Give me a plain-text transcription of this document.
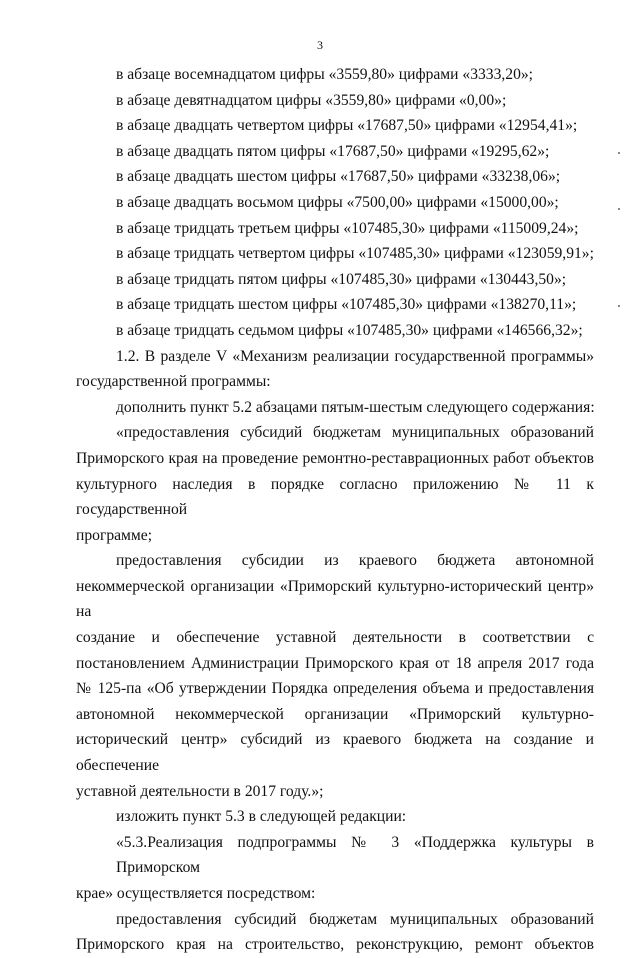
3
в абзаце восемнадцатом цифры «3559,80» цифрами «3333,20»;
в абзаце девятнадцатом цифры «3559,80» цифрами «0,00»;
в абзаце двадцать четвертом цифры «17687,50» цифрами «12954,41»;
в абзаце двадцать пятом цифры «17687,50» цифрами «19295,62»;
в абзаце двадцать шестом цифры «17687,50» цифрами «33238,06»;
в абзаце двадцать восьмом цифры «7500,00» цифрами «15000,00»;
в абзаце тридцать третьем цифры «107485,30» цифрами «115009,24»;
в абзаце тридцать четвертом цифры «107485,30» цифрами «123059,91»;
в абзаце тридцать пятом цифры «107485,30» цифрами «130443,50»;
в абзаце тридцать шестом цифры «107485,30» цифрами «138270,11»;
в абзаце тридцать седьмом цифры «107485,30» цифрами «146566,32»;
1.2. В разделе V «Механизм реализации государственной программы»
государственной программы:
дополнить пункт 5.2 абзацами пятым-шестым следующего содержания:
«предоставления субсидий бюджетам муниципальных образований
Приморского края на проведение ремонтно-реставрационных работ объектов
культурного наследия в порядке согласно приложению № 11 к государственной
программе;
предоставления субсидии из краевого бюджета автономной
некоммерческой организации «Приморский культурно-исторический центр» на
создание и обеспечение уставной деятельности в соответствии с
постановлением Администрации Приморского края от 18 апреля 2017 года
№ 125-па «Об утверждении Порядка определения объема и предоставления
автономной некоммерческой организации «Приморский культурно-
исторический центр» субсидий из краевого бюджета на создание и обеспечение
уставной деятельности в 2017 году.»;
изложить пункт 5.3 в следующей редакции:
«5.3.Реализация подпрограммы № 3 «Поддержка культуры в Приморском
крае» осуществляется посредством:
предоставления субсидий бюджетам муниципальных образований
Приморского края на строительство, реконструкцию, ремонт объектов
